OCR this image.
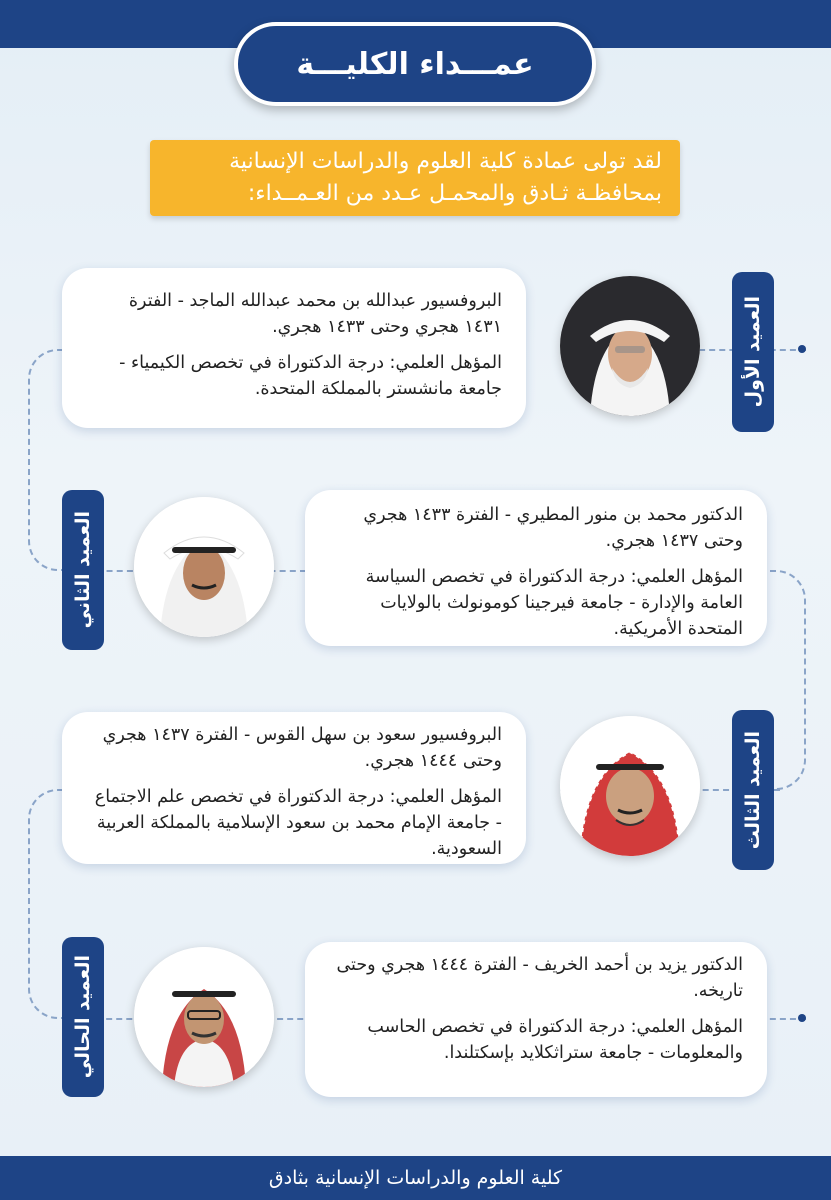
عمـــداء الكليـــة
لقد تولى عمادة كلية العلوم والدراسات الإنسانية
بمحافظـة ثـادق والمحمـل عـدد من العـمــداء:

البروفسيور عبدالله بن محمد عبدالله الماجد - الفترة ١٤٣١ هجري وحتى ١٤٣٣ هجري.

المؤهل العلمي: درجة الدكتوراة في تخصص الكيمياء - جامعة مانشستر بالمملكة المتحدة.	العميد الأول

الدكتور محمد بن منور المطيري - الفترة ١٤٣٣ هجري وحتى ١٤٣٧ هجري.

المؤهل العلمي: درجة الدكتوراة في تخصص السياسة العامة والإدارة - جامعة فيرجينا كومونولث بالولايات المتحدة الأمريكية.

العميد الثاني

البروفسيور سعود بن سهل القوس - الفترة ١٤٣٧ هجري وحتى ١٤٤٤ هجري.

المؤهل العلمي: درجة الدكتوراة في تخصص علم الاجتماع - جامعة الإمام محمد بن سعود الإسلامية بالمملكة العربية السعودية.	العميد الثالث

الدكتور يزيد بن أحمد الخريف - الفترة ١٤٤٤ هجري وحتى تاريخه.

المؤهل العلمي: درجة الدكتوراة في تخصص الحاسب والمعلومات - جامعة ستراثكلايد بإسكتلندا.

العميد الحالي
كلية العلوم والدراسات الإنسانية بثادق
